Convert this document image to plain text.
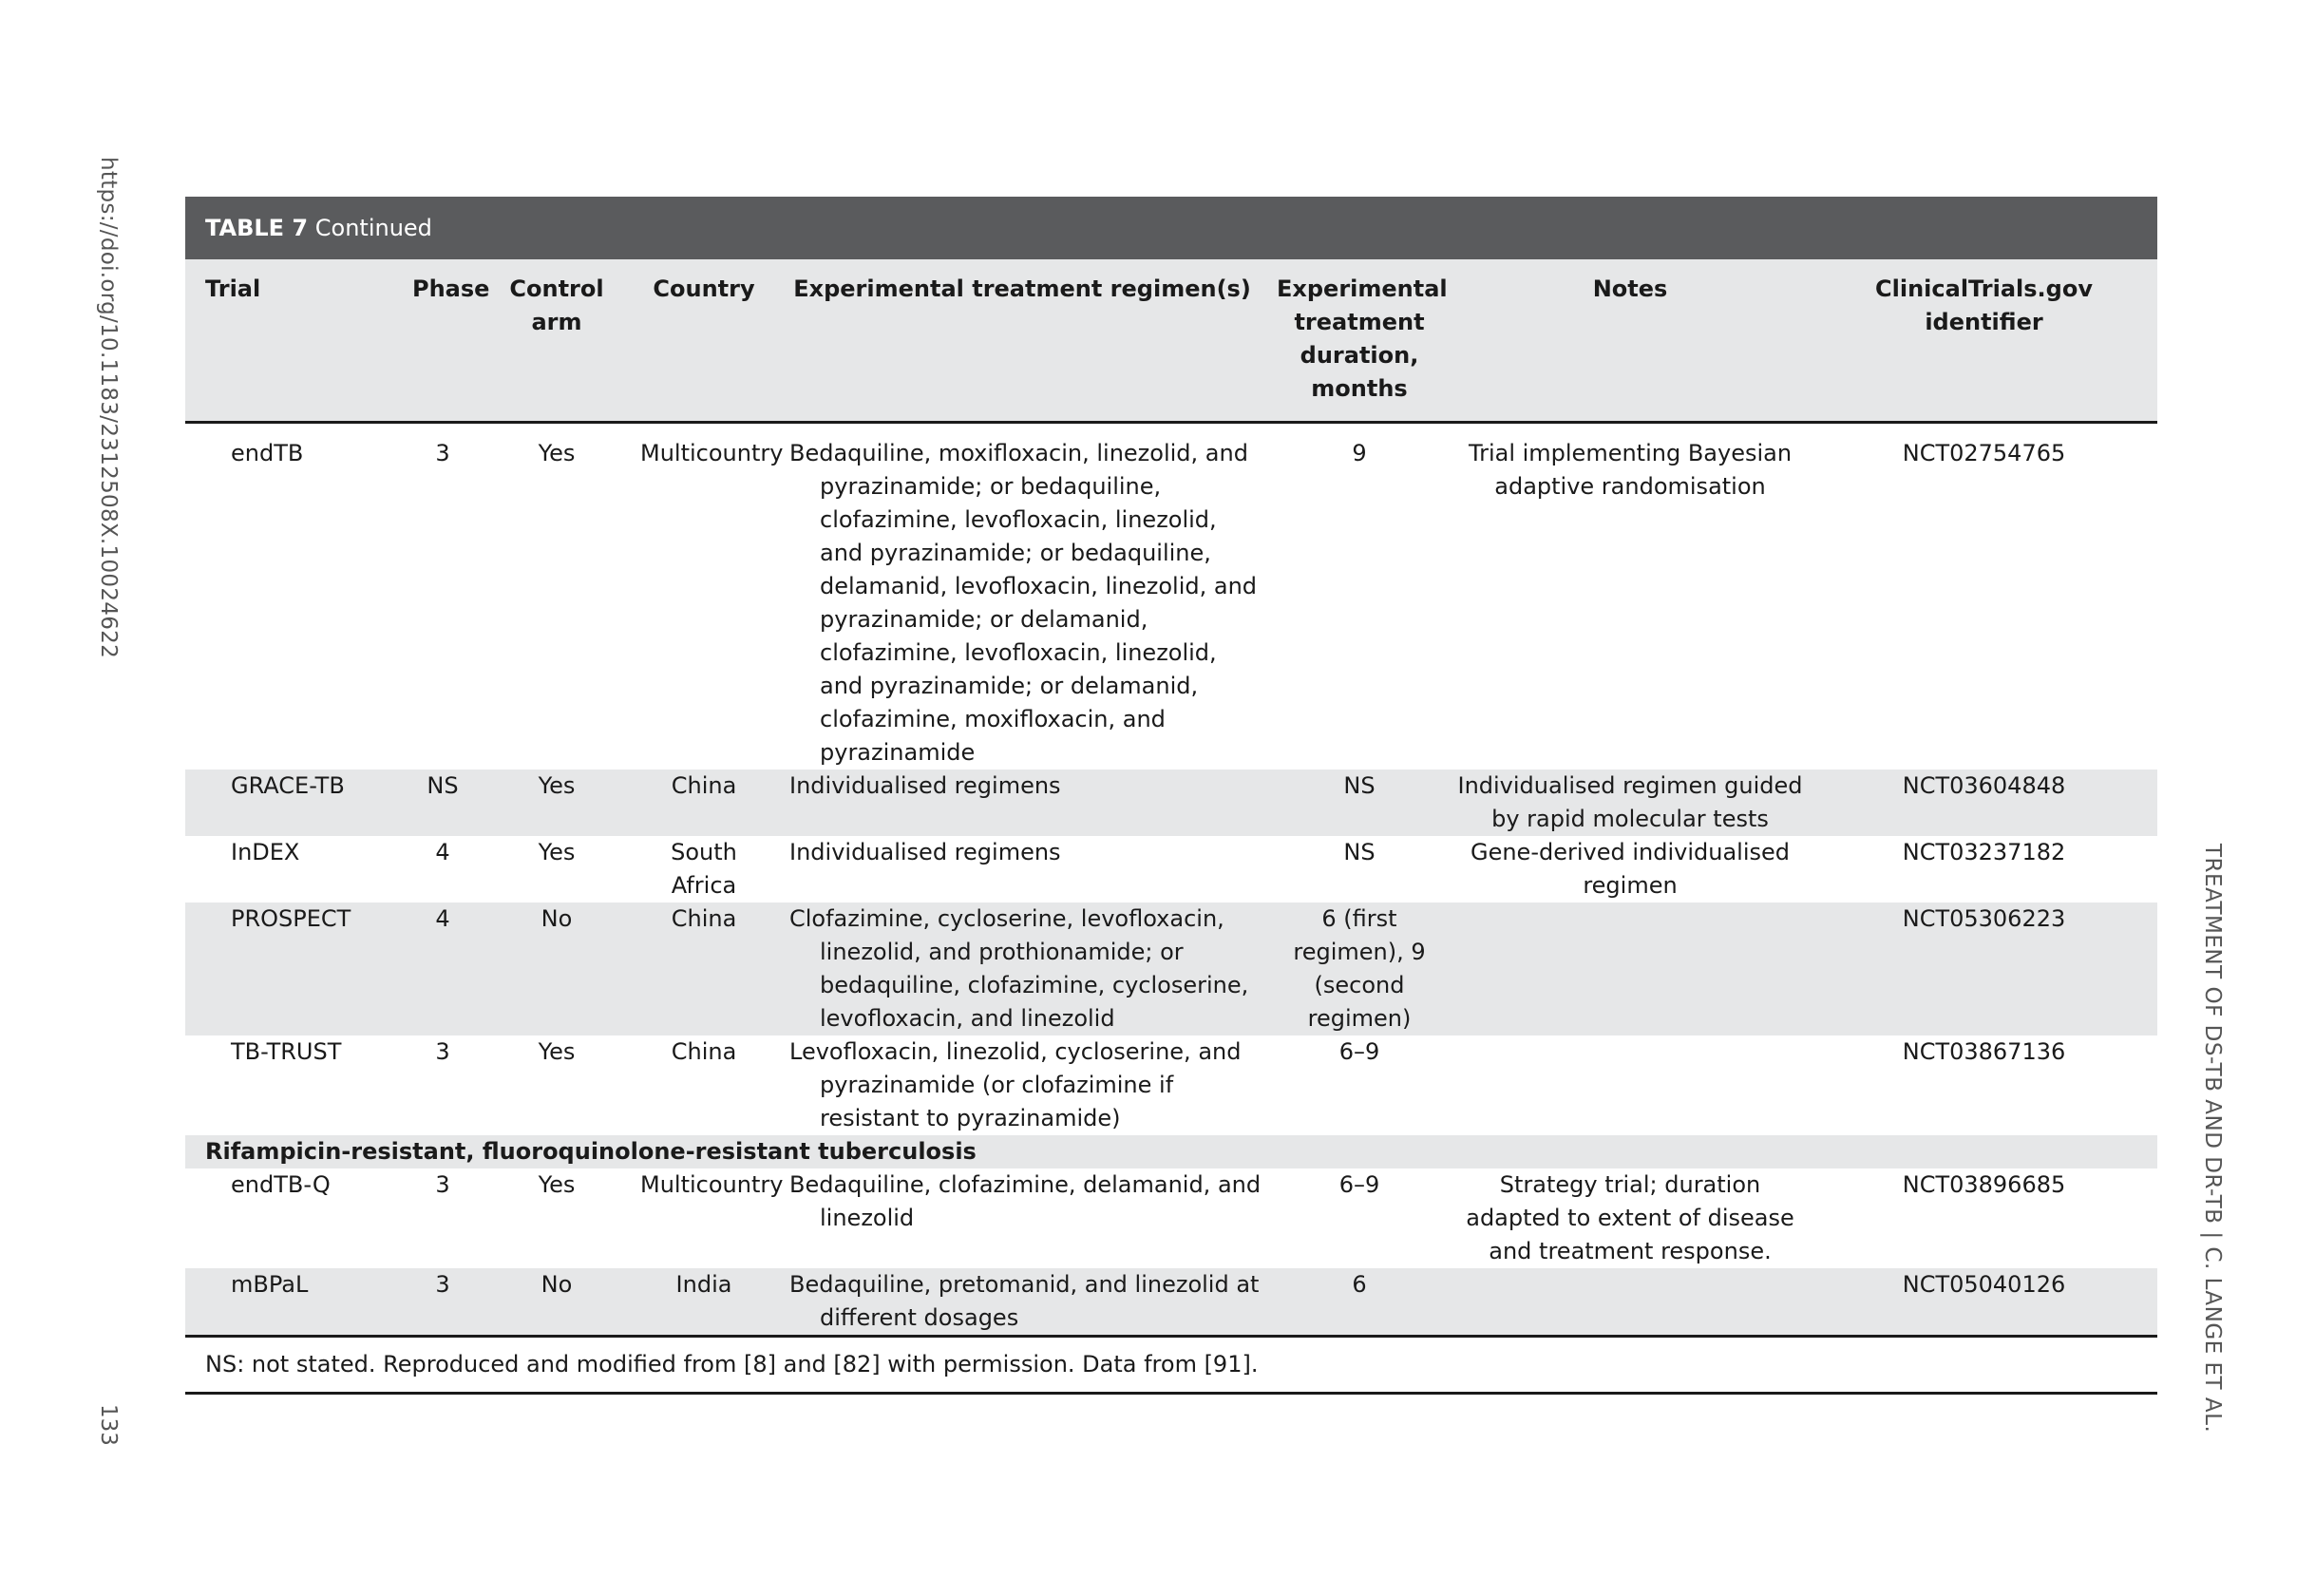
https://doi.org/10.1183/2312508X.10024622
133	TREATMENT OF DS-TB AND DR-TB | C. LANGE ET AL.
TABLE 7 Continued
Trial	Phase	Control arm	Country	Experimental treatment regimen(s)	Experimental treatment duration, months	Notes	ClinicalTrials.gov identifier
endTB	3	Yes	Multicountry	Bedaquiline, moxifloxacin, linezolid, and pyrazinamide; or bedaquiline, clofazimine, levofloxacin, linezolid, and pyrazinamide; or bedaquiline, delamanid, levofloxacin, linezolid, and pyrazinamide; or delamanid, clofazimine, levofloxacin, linezolid, and pyrazinamide; or delamanid, clofazimine, moxifloxacin, and pyrazinamide	9	Trial implementing Bayesian adaptive randomisation	NCT02754765
GRACE-TB	NS	Yes	China	Individualised regimens	NS	Individualised regimen guided by rapid molecular tests	NCT03604848
InDEX	4	Yes	South Africa	Individualised regimens	NS	Gene-derived individualised regimen	NCT03237182
PROSPECT	4	No	China	Clofazimine, cycloserine, levofloxacin, linezolid, and prothionamide; or bedaquiline, clofazimine, cycloserine, levofloxacin, and linezolid	6 (first regimen), 9 (second regimen)		NCT05306223
TB-TRUST	3	Yes	China	Levofloxacin, linezolid, cycloserine, and pyrazinamide (or clofazimine if resistant to pyrazinamide)	6–9		NCT03867136
Rifampicin-resistant, fluoroquinolone-resistant tuberculosis							
endTB-Q	3	Yes	Multicountry	Bedaquiline, clofazimine, delamanid, and linezolid	6–9	Strategy trial; duration adapted to extent of disease and treatment response.	NCT03896685
mBPaL	3	No	India	Bedaquiline, pretomanid, and linezolid at different dosages	6		NCT05040126
NS: not stated. Reproduced and modified from [8] and [82] with permission. Data from [91].
